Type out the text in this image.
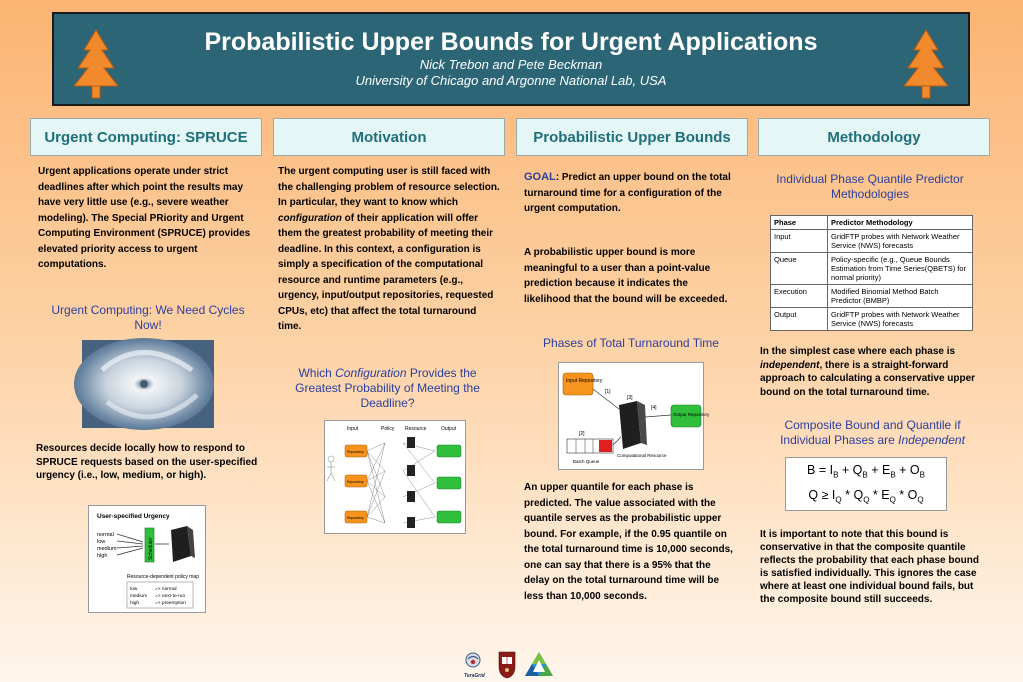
Probabilistic Upper Bounds for Urgent Applications
Nick Trebon and Pete Beckman
University of Chicago and Argonne National Lab, USA
Urgent Computing: SPRUCE	Motivation	Probabilistic Upper Bounds	Methodology
Urgent applications operate under strict deadlines after which point the results may have very little use (e.g., severe weather modeling). The Special PRiority and Urgent Computing Environment (SPRUCE) provides elevated priority access to urgent computations.
Urgent Computing: We Need Cycles Now!
Resources decide locally how to respond to SPRUCE requests based on the user-specified urgency (i.e., low, medium, or high).
User-specified Urgency
normal
low
medium
high	Scheduler
Resource-dependent policy map
low	=> normal
medium => next-to-run
high	=> preemption
The urgent computing user is still faced with the challenging problem of resource selection. In particular, they want to know which configuration of their application will offer them the greatest probability of meeting their deadline. In this context, a configuration is simply a specification of the computational resource and runtime parameters (e.g., urgency, input/output repositories, requested CPUs, etc) that affect the total turnaround time.
Which Configuration Provides the Greatest Probability of Meeting the Deadline?
Input	Policy Resource	Output
Repository
Repository
Repository
GOAL: Predict an upper bound on the total turnaround time for a configuration of the urgent computation.
A probabilistic upper bound is more meaningful to a user than a point-value prediction because it indicates the likelihood that the bound will be exceeded.
Phases of Total Turnaround Time
Input Repository
Output Repository
Computational Resource
Batch Queue
[1]
[2]
[3]
[4]
An upper quantile for each phase is predicted. The value associated with the quantile serves as the probabilistic upper bound. For example, if the 0.95 quantile on the total turnaround time is 10,000 seconds, one can say that there is a 95% that the delay on the total turnaround time will be less than 10,000 seconds.
Individual Phase Quantile Predictor Methodologies
Phase	Predictor Methodology
Input	GridFTP probes with Network Weather Service (NWS) forecasts
Queue	Policy-specific (e.g., Queue Bounds Estimation from Time Series(QBETS) for normal priority)
Execution	Modified Binomial Method Batch Predictor (BMBP)
Output	GridFTP probes with Network Weather Service (NWS) forecasts
In the simplest case where each phase is independent, there is a straight-forward approach to calculating a conservative upper bound on the total turnaround time.
Composite Bound and Quantile if Individual Phases are Independent
$B = I_B + Q_B + E_B + O_B$
$Q \ge I_Q * Q_Q * E_Q * O_Q$
It is important to note that this bound is conservative in that the composite quantile reflects the probability that each phase bound is satisfied individually. This ignores the case where at least one individual bound fails, but the composite bound still succeeds.
TeraGrid
